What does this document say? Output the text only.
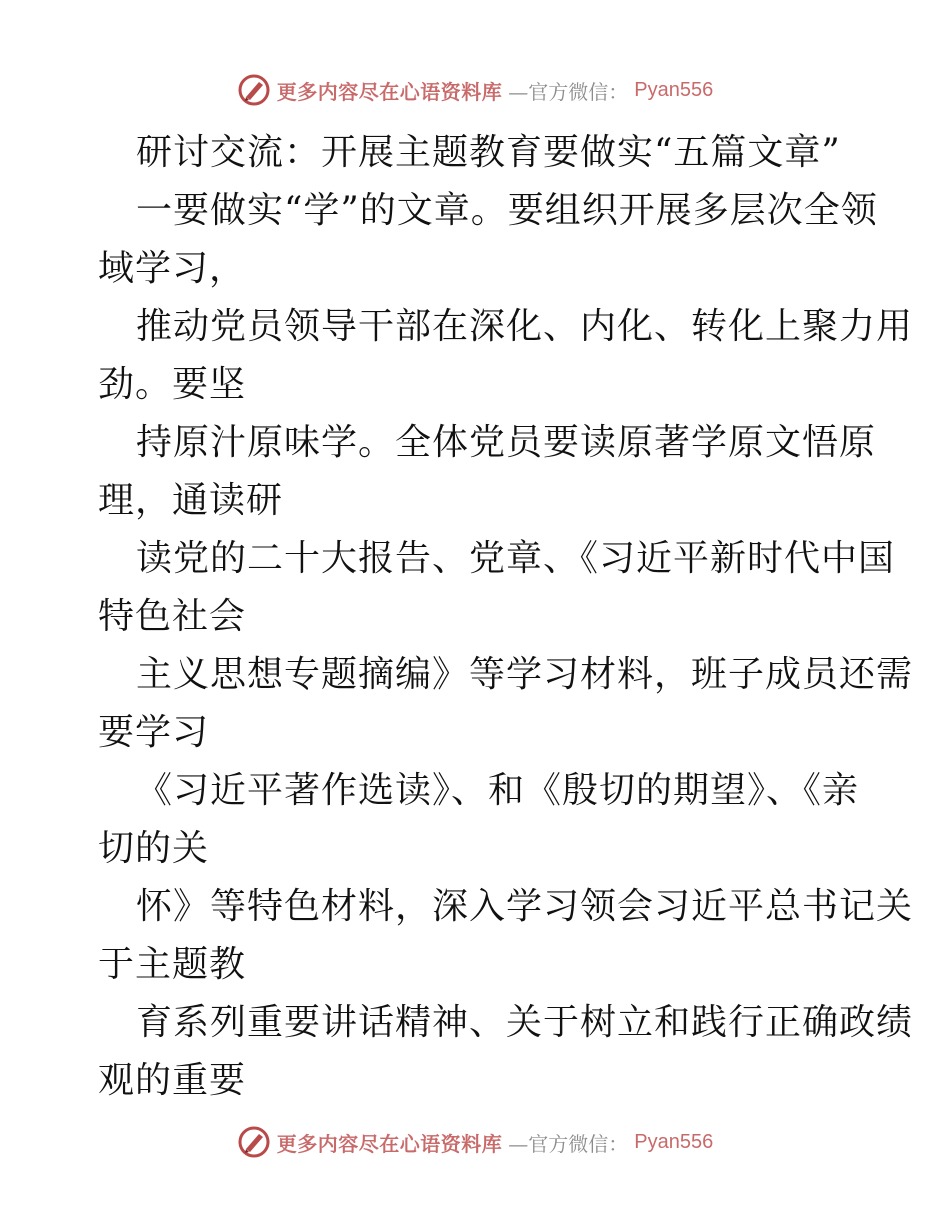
更多内容尽在心语资料库 —官方微信： Pyan556
研讨交流：开展主题教育要做实“五篇文章”
一要做实“学”的文章。要组织开展多层次全领
域学习，
推动党员领导干部在深化、内化、转化上聚力用
劲。要坚
持原汁原味学。全体党员要读原著学原文悟原
理，通读研
读党的二十大报告、党章、《习近平新时代中国
特色社会
主义思想专题摘编》等学习材料，班子成员还需
要学习
《习近平著作选读》、和《殷切的期望》、《亲
切的关
怀》等特色材料，深入学习领会习近平总书记关
于主题教
育系列重要讲话精神、关于树立和践行正确政绩
观的重要
更多内容尽在心语资料库 —官方微信： Pyan556
